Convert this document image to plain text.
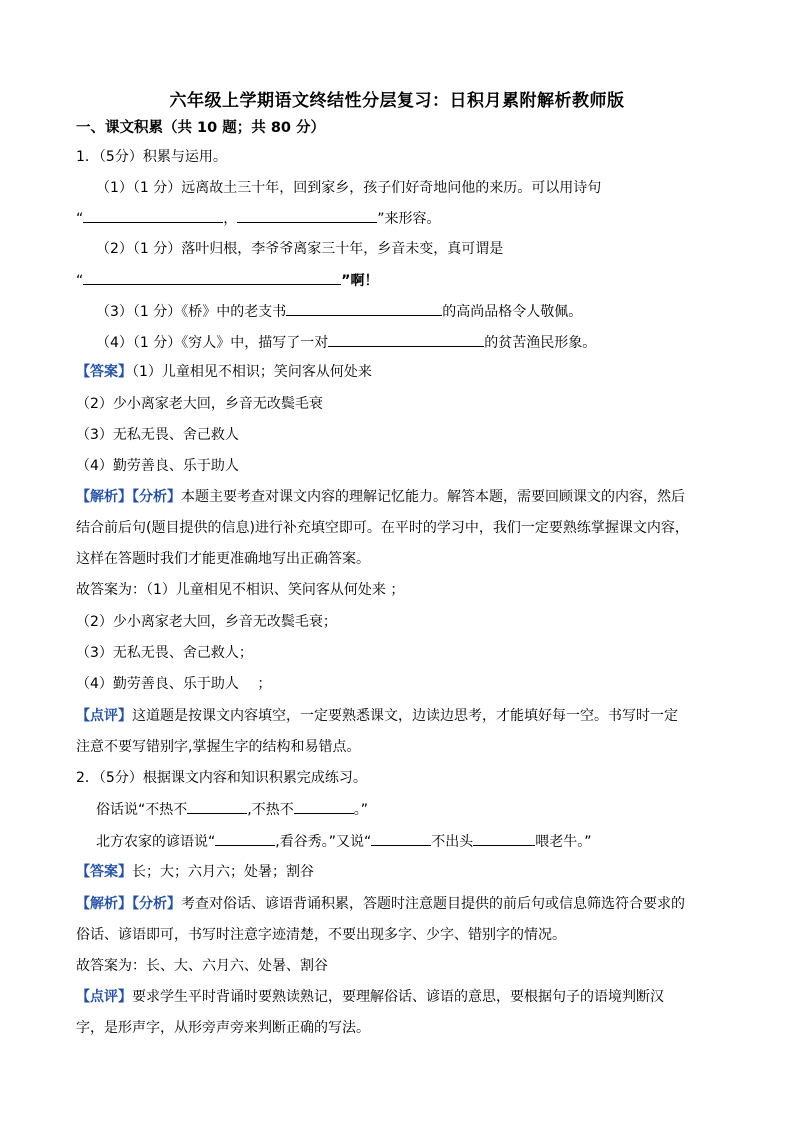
六年级上学期语文终结性分层复习：日积月累附解析教师版
一、课文积累（共 10 题；共 80 分）
1．（5分）积累与运用。
（1）（1 分）远离故土三十年，回到家乡，孩子们好奇地问他的来历。可以用诗句
“	，	”来形容。
（2）（1 分）落叶归根，李爷爷离家三十年，乡音未变，真可谓是
“	”啊！
（3）（1 分）《桥》中的老支书	的高尚品格令人敬佩。
（4）（1 分）《穷人》中，描写了一对	的贫苦渔民形象。
【答案】（1）儿童相见不相识；笑问客从何处来
（2）少小离家老大回，乡音无改鬓毛衰
（3）无私无畏、舍己救人
（4）勤劳善良、乐于助人
【解析】【分析】本题主要考查对课文内容的理解记忆能力。解答本题，需要回顾课文的内容，然后
结合前后句(题目提供的信息)进行补充填空即可。在平时的学习中，我们一定要熟练掌握课文内容，
这样在答题时我们才能更准确地写出正确答案。
故答案为：（1）儿童相见不相识、笑问客从何处来 ；
（2）少小离家老大回，乡音无改鬓毛衰；
（3）无私无畏、舍己救人；
（4）勤劳善良、乐于助人 　；
【点评】这道题是按课文内容填空，一定要熟悉课文，边读边思考，才能填好每一空。书写时一定
注意不要写错别字,掌握生字的结构和易错点。
2．（5分）根据课文内容和知识积累完成练习。
俗话说“不热不	,不热不	。”
北方农家的谚语说“	,看谷秀。”又说“	不出头	喂老牛。”
【答案】长；大；六月六；处暑；割谷
【解析】【分析】考查对俗话、谚语背诵积累，答题时注意题目提供的前后句或信息筛选符合要求的
俗话、谚语即可，书写时注意字迹清楚，不要出现多字、少字、错别字的情况。
故答案为：长、大、六月六、处暑、割谷
【点评】要求学生平时背诵时要熟读熟记，要理解俗话、谚语的意思，要根据句子的语境判断汉
字，是形声字，从形旁声旁来判断正确的写法。
